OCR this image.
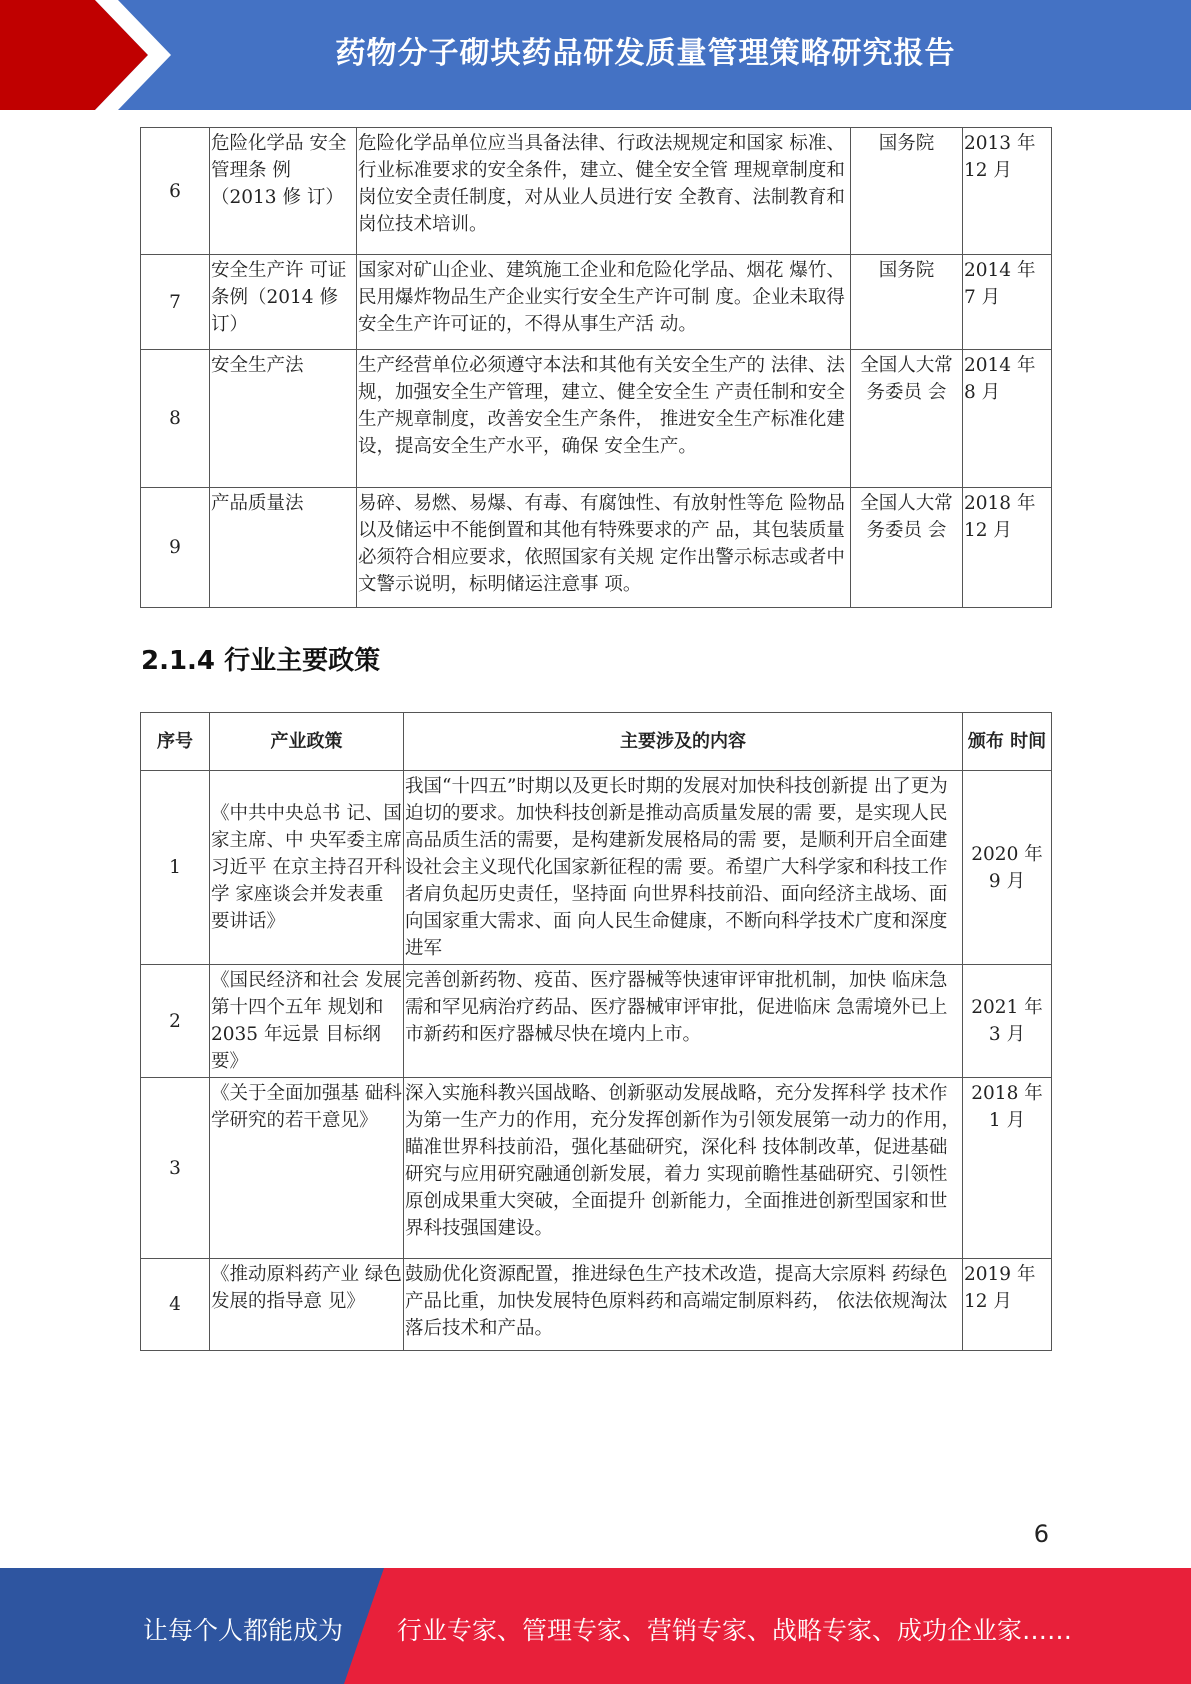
药物分子砌块药品研发质量管理策略研究报告
6	危险化学品 安全管理条 例（2013 修 订）	危险化学品单位应当具备法律、行政法规规定和国家 标准、行业标准要求的安全条件，建立、健全安全管 理规章制度和岗位安全责任制度，对从业人员进行安 全教育、法制教育和岗位技术培训。	国务院	2013 年 12 月
7	安全生产许 可证条例（2014 修订）	国家对矿山企业、建筑施工企业和危险化学品、烟花 爆竹、民用爆炸物品生产企业实行安全生产许可制 度。企业未取得安全生产许可证的，不得从事生产活 动。	国务院	2014 年 7 月
8	安全生产法	生产经营单位必须遵守本法和其他有关安全生产的 法律、法规，加强安全生产管理，建立、健全安全生 产责任制和安全生产规章制度，改善安全生产条件， 推进安全生产标准化建设，提高安全生产水平，确保 安全生产。	全国人大常务委员 会	2014 年 8 月
9	产品质量法	易碎、易燃、易爆、有毒、有腐蚀性、有放射性等危 险物品以及储运中不能倒置和其他有特殊要求的产 品，其包装质量必须符合相应要求，依照国家有关规 定作出警示标志或者中文警示说明，标明储运注意事 项。	全国人大常务委员 会	2018 年 12 月
2.1.4 行业主要政策
序号	产业政策	主要涉及的内容	颁布 时间
1	《中共中央总书 记、国家主席、中 央军委主席习近平 在京主持召开科学 家座谈会并发表重 要讲话》	我国“十四五”时期以及更长时期的发展对加快科技创新提 出了更为迫切的要求。加快科技创新是推动高质量发展的需 要，是实现人民高品质生活的需要，是构建新发展格局的需 要，是顺利开启全面建设社会主义现代化国家新征程的需 要。希望广大科学家和科技工作者肩负起历史责任，坚持面 向世界科技前沿、面向经济主战场、面向国家重大需求、面 向人民生命健康，不断向科学技术广度和深度进军	2020 年 9 月
2	《国民经济和社会 发展第十四个五年 规划和 2035 年远景 目标纲要》	完善创新药物、疫苗、医疗器械等快速审评审批机制，加快 临床急需和罕见病治疗药品、医疗器械审评审批，促进临床 急需境外已上市新药和医疗器械尽快在境内上市。	2021 年 3 月
3	《关于全面加强基 础科学研究的若干意见》	深入实施科教兴国战略、创新驱动发展战略，充分发挥科学 技术作为第一生产力的作用，充分发挥创新作为引领发展第一动力的作用，瞄准世界科技前沿，强化基础研究，深化科 技体制改革，促进基础研究与应用研究融通创新发展，着力 实现前瞻性基础研究、引领性原创成果重大突破，全面提升 创新能力，全面推进创新型国家和世界科技强国建设。	2018 年 1 月
4	《推动原料药产业 绿色发展的指导意 见》	鼓励优化资源配置，推进绿色生产技术改造，提高大宗原料 药绿色产品比重，加快发展特色原料药和高端定制原料药， 依法依规淘汰落后技术和产品。	2019 年 12 月
6
让每个人都能成为 行业专家、管理专家、营销专家、战略专家、成功企业家……
